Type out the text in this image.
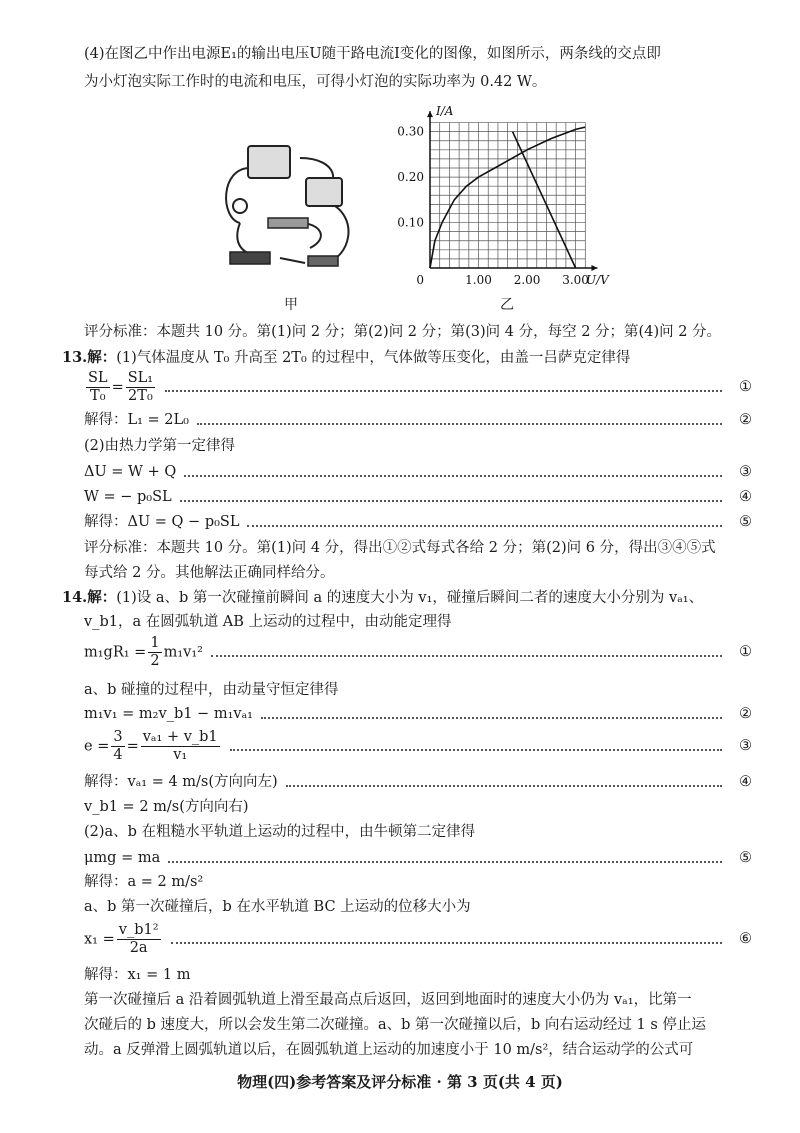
(4)在图乙中作出电源E₁的输出电压U随干路电流I变化的图像，如图所示，两条线的交点即
为小灯泡实际工作时的电流和电压，可得小灯泡的实际功率为 0.42 W。
甲
1.00 2.00 3.00
0.10
0.20
0.30
0	U/V
I/A
乙
评分标准：本题共 10 分。第(1)问 2 分；第(2)问 2 分；第(3)问 4 分，每空 2 分；第(4)问 2 分。
13.解：(1)气体温度从 T₀ 升高至 2T₀ 的过程中，气体做等压变化，由盖一吕萨克定律得
$\frac{SL}{\text{T₀}} = \frac{\text{SL₁}}{\text{2T₀}}$	①
解得：L₁ = 2L₀	②
(2)由热力学第一定律得
ΔU = W + Q	③
W = − p₀SL	④
解得：ΔU = Q − p₀SL	⑤
评分标准：本题共 10 分。第(1)问 4 分，得出①②式每式各给 2 分；第(2)问 6 分，得出③④⑤式
每式给 2 分。其他解法正确同样给分。
14.解：(1)设 a、b 第一次碰撞前瞬间 a 的速度大小为 v₁，碰撞后瞬间二者的速度大小分别为 vₐ₁、
v_b1，a 在圆弧轨道 AB 上运动的过程中，由动能定理得
$m_1gR_1 = \frac{1}{2} m_1v_1^2$	①
a、b 碰撞的过程中，由动量守恒定律得
m₁v₁ = m₂v_b1 − m₁vₐ₁	②
$e = \frac{3}{4} = \frac{\text{vₐ₁ + v\_b1}}{\text{v₁}}$	③
解得：vₐ₁ = 4 m/s(方向向左)	④
v_b1 = 2 m/s(方向向右)
(2)a、b 在粗糙水平轨道上运动的过程中，由牛顿第二定律得
μmg = ma	⑤
解得：a = 2 m/s²
a、b 第一次碰撞后，b 在水平轨道 BC 上运动的位移大小为
$x_1 = \frac{\text{v\_b1²}}{2a}$	⑥
解得：x₁ = 1 m
第一次碰撞后 a 沿着圆弧轨道上滑至最高点后返回，返回到地面时的速度大小仍为 vₐ₁，比第一
次碰后的 b 速度大，所以会发生第二次碰撞。a、b 第一次碰撞以后，b 向右运动经过 1 s 停止运
动。a 反弹滑上圆弧轨道以后，在圆弧轨道上运动的加速度小于 10 m/s²，结合运动学的公式可
物理(四)参考答案及评分标准 · 第 3 页(共 4 页)
